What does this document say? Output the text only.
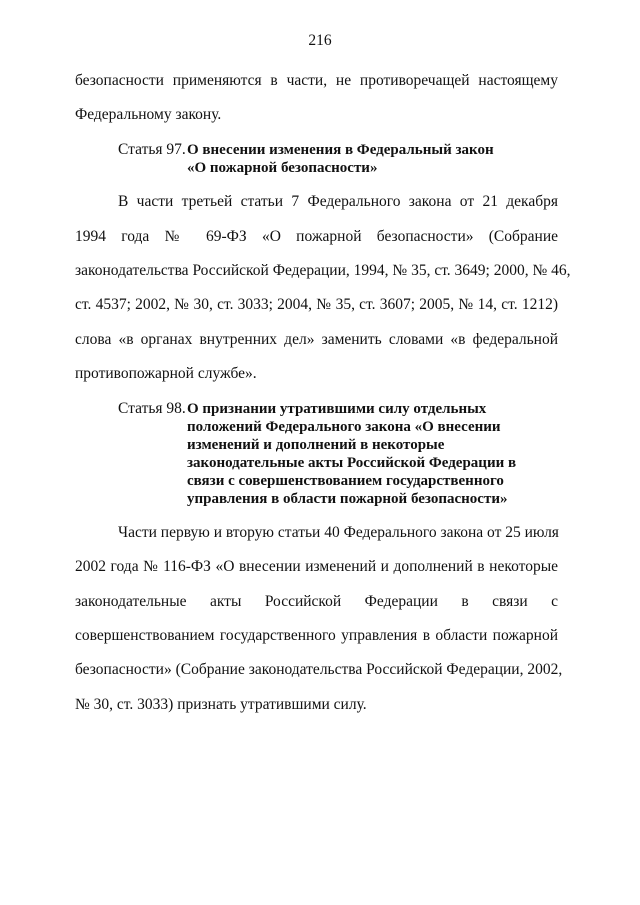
216
безопасности применяются в части, не противоречащей настоящему
Федеральному закону.
Статья 97. О внесении изменения в Федеральный закон
«О пожарной безопасности»
В части третьей статьи 7 Федерального закона от 21 декабря
1994 года № 69-ФЗ «О пожарной безопасности» (Собрание
законодательства Российской Федерации, 1994, № 35, ст. 3649; 2000, № 46,
ст. 4537; 2002, № 30, ст. 3033; 2004, № 35, ст. 3607; 2005, № 14, ст. 1212)
слова «в органах внутренних дел» заменить словами «в федеральной
противопожарной службе».
Статья 98. О признании утратившими силу отдельных
положений Федерального закона «О внесении
изменений и дополнений в некоторые
законодательные акты Российской Федерации в
связи с совершенствованием государственного
управления в области пожарной безопасности»
Части первую и вторую статьи 40 Федерального закона от 25 июля
2002 года № 116-ФЗ «О внесении изменений и дополнений в некоторые
законодательные акты Российской Федерации в связи с
совершенствованием государственного управления в области пожарной
безопасности» (Собрание законодательства Российской Федерации, 2002,
№ 30, ст. 3033) признать утратившими силу.
